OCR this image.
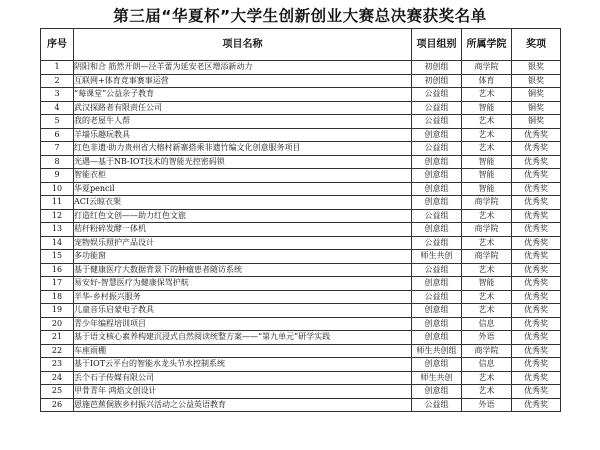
第三届“华夏杯”大学生创新创业大赛总决赛获奖名单
序号	项目名称	项目组别	所属学院	奖项
1	阴阳和合 筋然开朗—泾羊蕾为延安老区增添新动力	初创组	商学院	银奖
2	互联网+体育竞事赛事运营	初创组	体育	银奖
3	“莓课堂”公益亲子教育	公益组	艺术	铜奖
4	武汉探路者有限责任公司	公益组	智能	铜奖
5	我的老屋牛人帮	公益组	艺术	铜奖
6	羊墙乐趣玩教具	创意组	艺术	优秀奖
7	红色非遗·助力贵州省大榕村新寨搭乘非遗竹编文化创意服务项目	公益组	艺术	优秀奖
8	光遇—基于NB-IOT技术的智能光控密码锁	创意组	智能	优秀奖
9	智能衣柜	创意组	智能	优秀奖
10	华夏pencil	创意组	智能	优秀奖
11	ACI云晾衣架	创意组	商学院	优秀奖
12	打造红色文创——助力红色文旅	公益组	艺术	优秀奖
13	秸秆粉碎发酵一体机	创意组	商学院	优秀奖
14	宠物娱乐照护产品设计	公益组	艺术	优秀奖
15	多功能窗	师生共创	商学院	优秀奖
16	基于健康医疗大数据背景下的肿瘤患者随访系统	公益组	艺术	优秀奖
17	易安好-智慧医疗为健康保驾护航	创意组	智能	优秀奖
18	半华-乡村振兴服务	公益组	艺术	优秀奖
19	儿童音乐启蒙电子教具	创意组	艺术	优秀奖
20	青少年编程培训项目	创意组	信息	优秀奖
21	基于语文核心素养构建沉浸式自然阅读统整方案——“第九单元”研学实践	创意组	外语	优秀奖
22	车座雨棚	师生共创组	商学院	优秀奖
23	基于IOT云平台的智能水龙头节水控制系统	创意组	信息	优秀奖
24	丢个石子传媒有限公司	师生共创	艺术	优秀奖
25	甲骨青年 鸿焰文创设计	创意组	艺术	优秀奖
26	恩施芭蕉侗族乡村振兴活动之公益英语教育	公益组	外语	优秀奖
